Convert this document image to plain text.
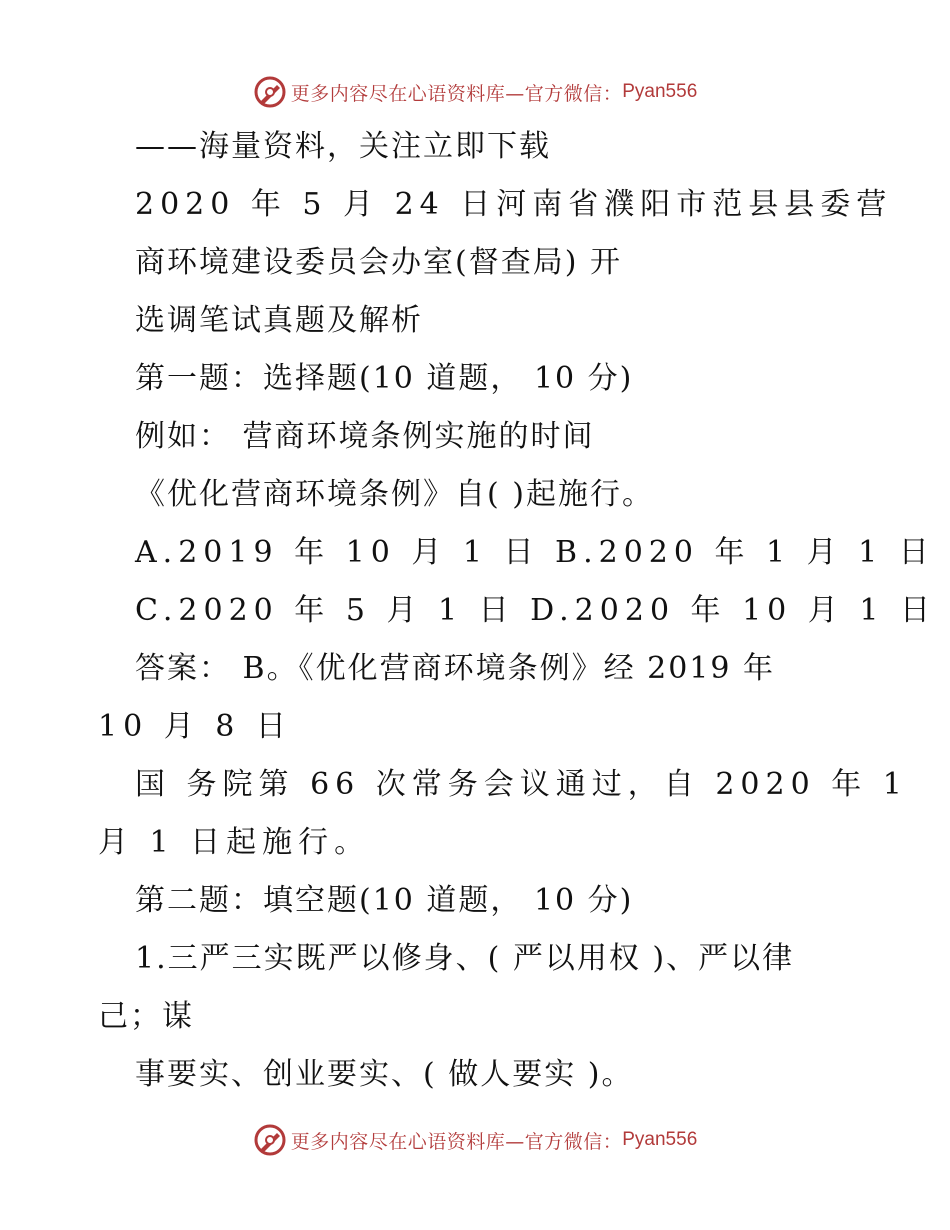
更多内容尽在心语资料库—官方微信： Pyan556
——海量资料，关注立即下载
2020 年 5 月 24 日河南省濮阳市范县县委营
商环境建设委员会办室(督查局) 开
选调笔试真题及解析
第一题：选择题(10 道题， 10 分)
例如： 营商环境条例实施的时间
《优化营商环境条例》自( )起施行。
A.2019 年 10 月 1 日 B.2020 年 1 月 1 日
C.2020 年 5 月 1 日 D.2020 年 10 月 1 日
答案： B。《优化营商环境条例》经 2019 年
10 月 8 日
国 务院第 66 次常务会议通过，自 2020 年 1
月 1 日起施行。
第二题：填空题(10 道题， 10 分)
1.三严三实既严以修身、( 严以用权 )、严以律
己；谋
事要实、创业要实、( 做人要实 )。
更多内容尽在心语资料库—官方微信： Pyan556
